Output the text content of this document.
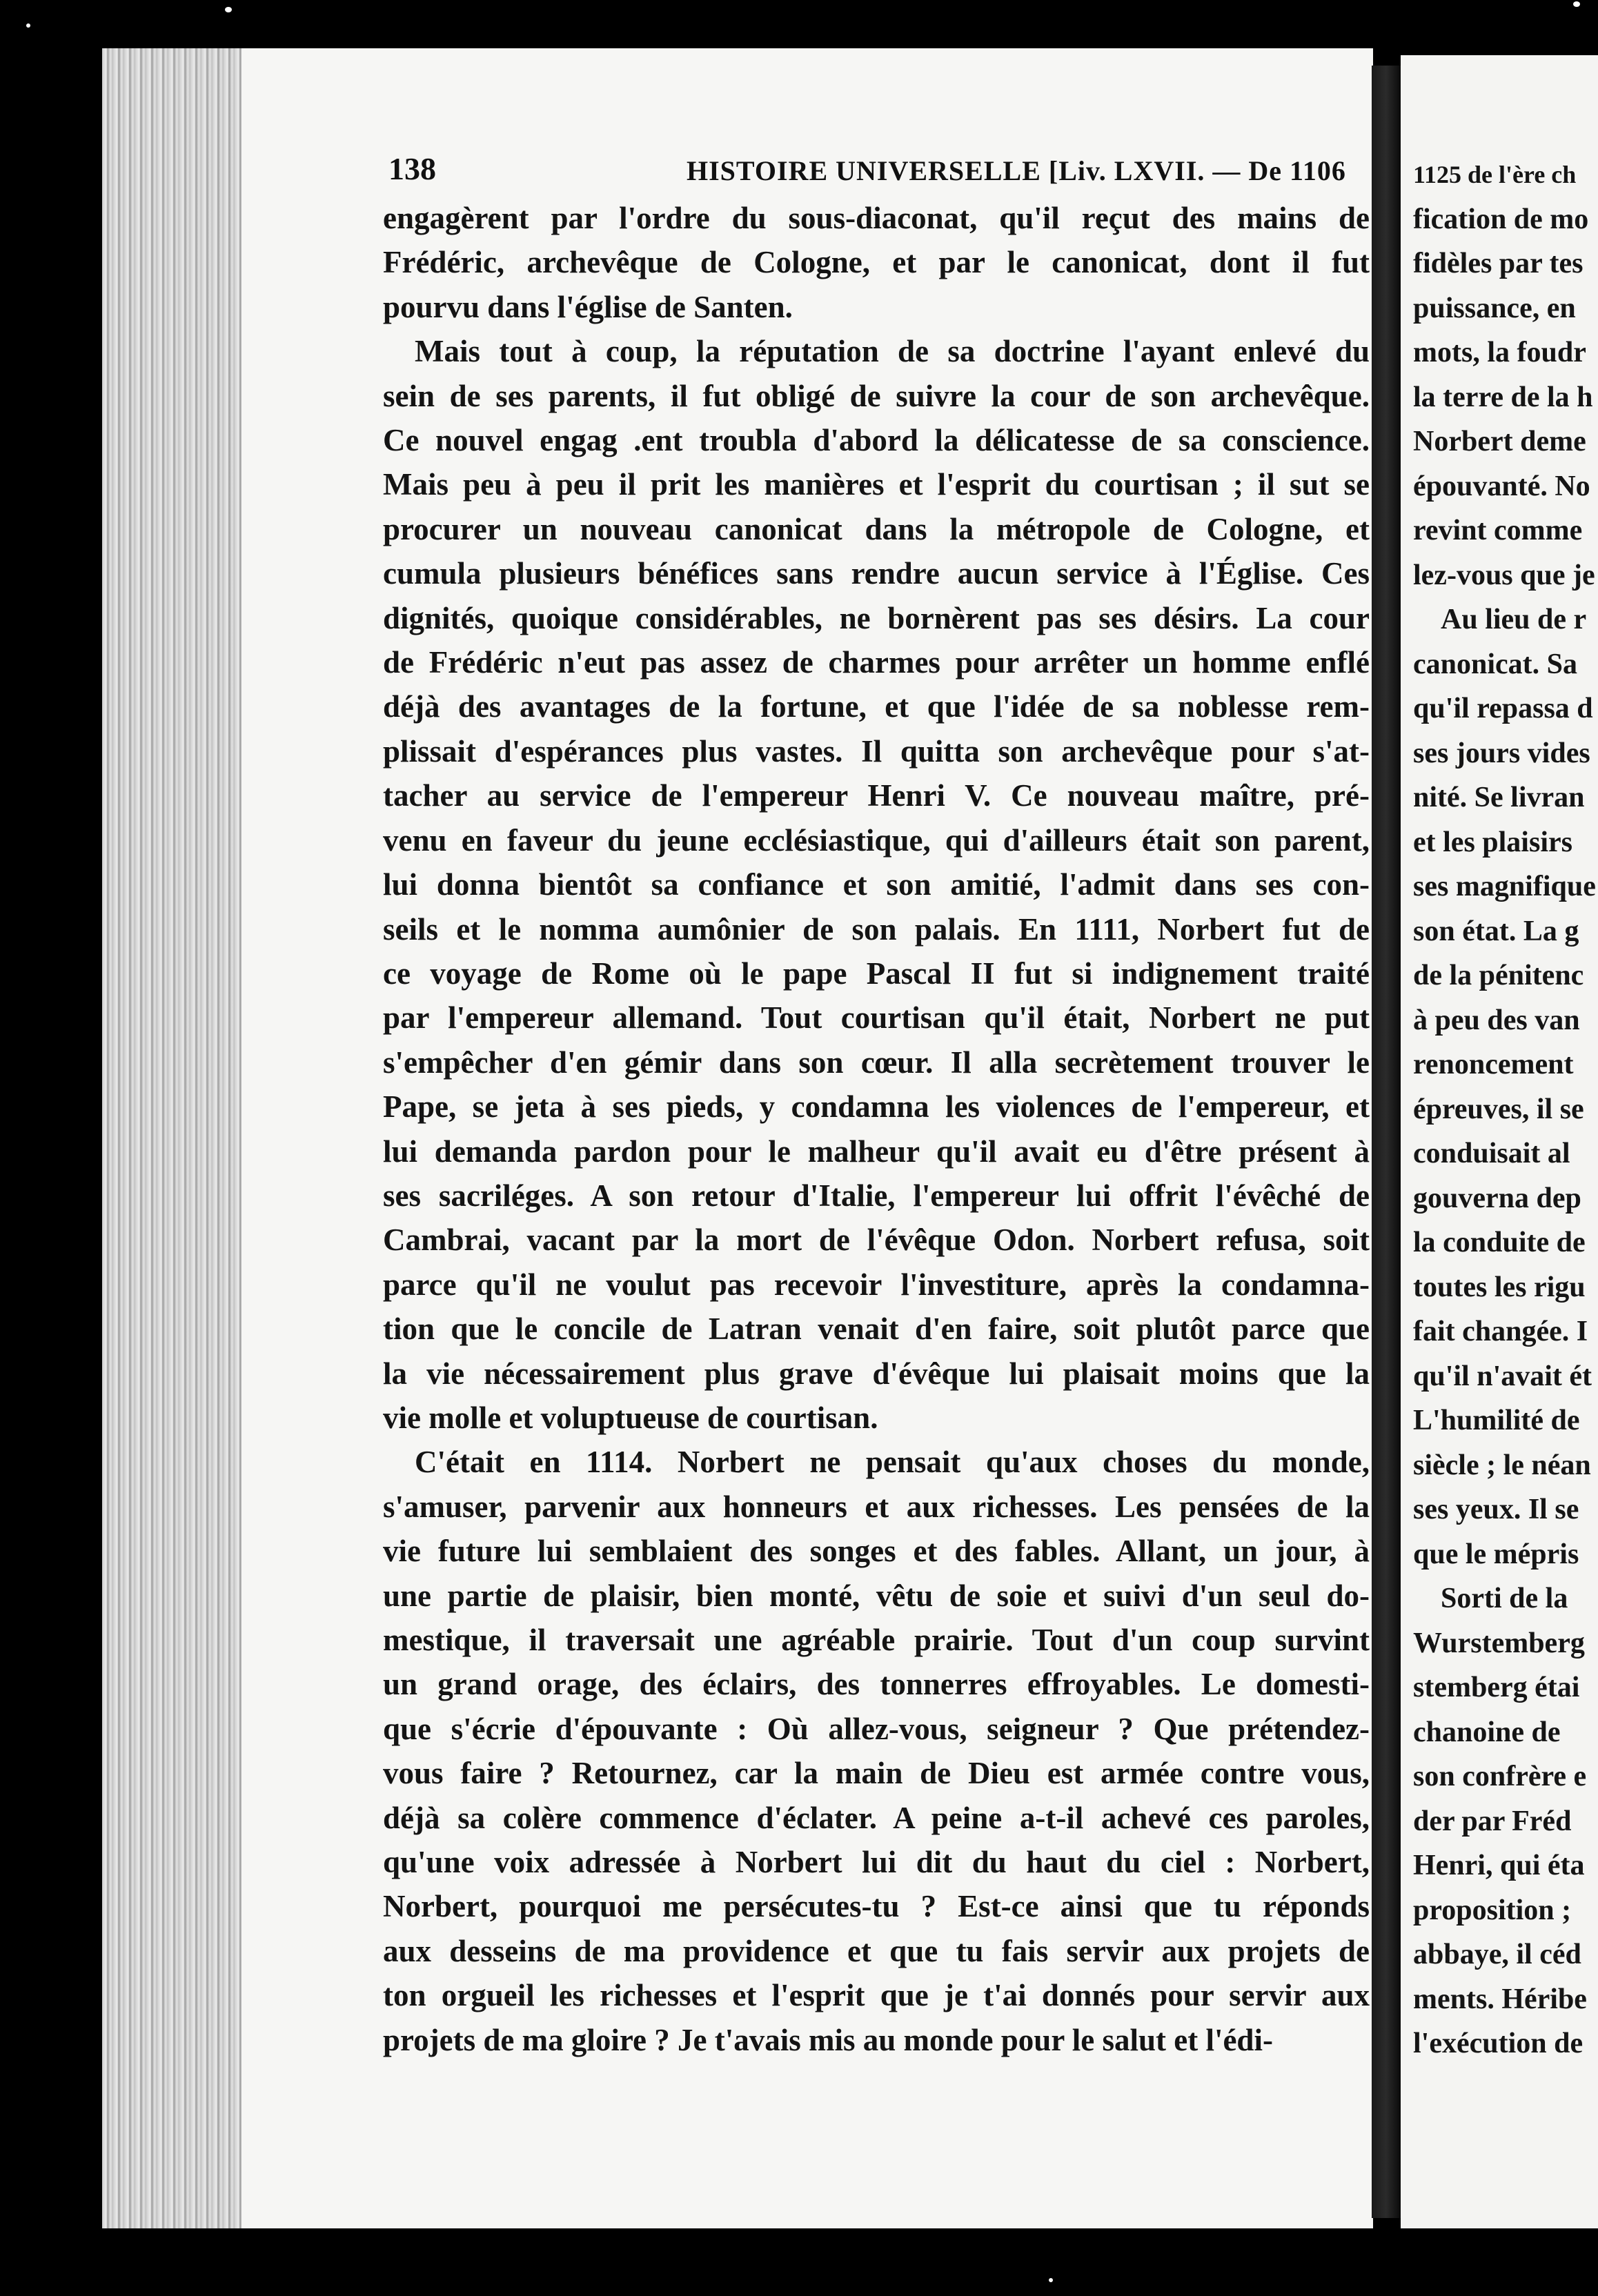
138	HISTOIRE UNIVERSELLE [Liv. LXVII. — De 1106
engagèrent par l'ordre du sous-diaconat, qu'il reçut des mains de
Frédéric, archevêque de Cologne, et par le canonicat, dont il fut
pourvu dans l'église de Santen.
Mais tout à coup, la réputation de sa doctrine l'ayant enlevé du
sein de ses parents, il fut obligé de suivre la cour de son archevêque.
Ce nouvel engag .ent troubla d'abord la délicatesse de sa conscience.
Mais peu à peu il prit les manières et l'esprit du courtisan ; il sut se
procurer un nouveau canonicat dans la métropole de Cologne, et
cumula plusieurs bénéfices sans rendre aucun service à l'Église. Ces
dignités, quoique considérables, ne bornèrent pas ses désirs. La cour
de Frédéric n'eut pas assez de charmes pour arrêter un homme enflé
déjà des avantages de la fortune, et que l'idée de sa noblesse rem-
plissait d'espérances plus vastes. Il quitta son archevêque pour s'at-
tacher au service de l'empereur Henri V. Ce nouveau maître, pré-
venu en faveur du jeune ecclésiastique, qui d'ailleurs était son parent,
lui donna bientôt sa confiance et son amitié, l'admit dans ses con-
seils et le nomma aumônier de son palais. En 1111, Norbert fut de
ce voyage de Rome où le pape Pascal II fut si indignement traité
par l'empereur allemand. Tout courtisan qu'il était, Norbert ne put
s'empêcher d'en gémir dans son cœur. Il alla secrètement trouver le
Pape, se jeta à ses pieds, y condamna les violences de l'empereur, et
lui demanda pardon pour le malheur qu'il avait eu d'être présent à
ses sacriléges. A son retour d'Italie, l'empereur lui offrit l'évêché de
Cambrai, vacant par la mort de l'évêque Odon. Norbert refusa, soit
parce qu'il ne voulut pas recevoir l'investiture, après la condamna-
tion que le concile de Latran venait d'en faire, soit plutôt parce que
la vie nécessairement plus grave d'évêque lui plaisait moins que la
vie molle et voluptueuse de courtisan.
C'était en 1114. Norbert ne pensait qu'aux choses du monde,
s'amuser, parvenir aux honneurs et aux richesses. Les pensées de la
vie future lui semblaient des songes et des fables. Allant, un jour, à
une partie de plaisir, bien monté, vêtu de soie et suivi d'un seul do-
mestique, il traversait une agréable prairie. Tout d'un coup survint
un grand orage, des éclairs, des tonnerres effroyables. Le domesti-
que s'écrie d'épouvante : Où allez-vous, seigneur ? Que prétendez-
vous faire ? Retournez, car la main de Dieu est armée contre vous,
déjà sa colère commence d'éclater. A peine a-t-il achevé ces paroles,
qu'une voix adressée à Norbert lui dit du haut du ciel : Norbert,
Norbert, pourquoi me persécutes-tu ? Est-ce ainsi que tu réponds
aux desseins de ma providence et que tu fais servir aux projets de
ton orgueil les richesses et l'esprit que je t'ai donnés pour servir aux
projets de ma gloire ? Je t'avais mis au monde pour le salut et l'édi-
1125 de l'ère ch
fication de mo
fidèles par tes
puissance, en
mots, la foudr
la terre de la h
Norbert deme
épouvanté. No
revint comme
lez-vous que je
Au lieu de r
canonicat. Sa
qu'il repassa d
ses jours vides
nité. Se livran
et les plaisirs
ses magnifique
son état. La g
de la pénitenc
à peu des van
renoncement
épreuves, il se
conduisait al
gouverna dep
la conduite de
toutes les rigu
fait changée. I
qu'il n'avait ét
L'humilité de
siècle ; le néan
ses yeux. Il se
que le mépris
Sorti de la
Wurstemberg
stemberg étai
chanoine de
son confrère e
der par Fréd
Henri, qui éta
proposition ;
abbaye, il céd
ments. Héribe
l'exécution de
